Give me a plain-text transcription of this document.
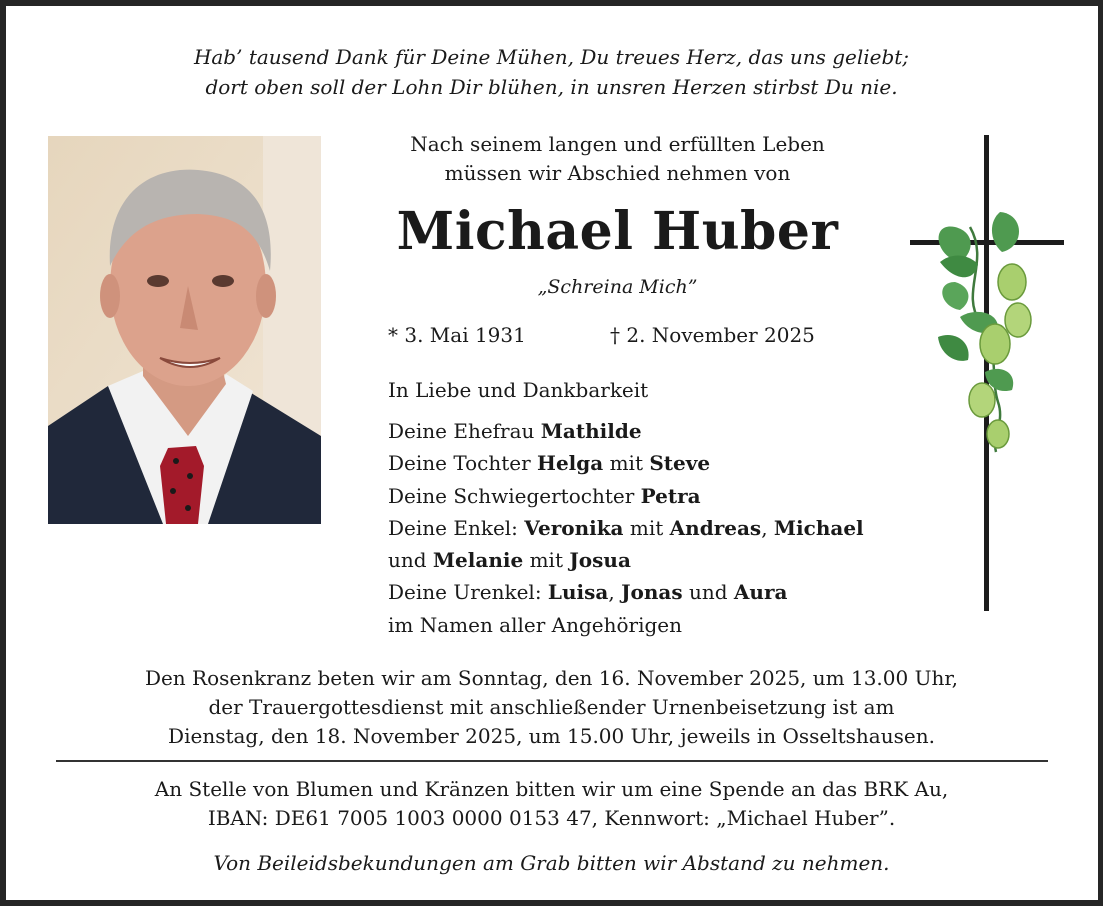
Hab’ tausend Dank für Deine Mühen, Du treues Herz, das uns geliebt;
dort oben soll der Lohn Dir blühen, in unsren Herzen stirbst Du nie.
Nach seinem langen und erfüllten Leben
müssen wir Abschied nehmen von
Michael Huber
„Schreina Mich”
* 3. Mai 1931	† 2. November 2025
In Liebe und Dankbarkeit
Deine Ehefrau Mathilde
Deine Tochter Helga mit Steve
Deine Schwiegertochter Petra
Deine Enkel: Veronika mit Andreas, Michael
und Melanie mit Josua
Deine Urenkel: Luisa, Jonas und Aura
im Namen aller Angehörigen
Den Rosenkranz beten wir am Sonntag, den 16. November 2025, um 13.00 Uhr,
der Trauergottesdienst mit anschließender Urnenbeisetzung ist am
Dienstag, den 18. November 2025, um 15.00 Uhr, jeweils in Osseltshausen.
An Stelle von Blumen und Kränzen bitten wir um eine Spende an das BRK Au,
IBAN: DE61 7005 1003 0000 0153 47, Kennwort: „Michael Huber”.
Von Beileidsbekundungen am Grab bitten wir Abstand zu nehmen.
